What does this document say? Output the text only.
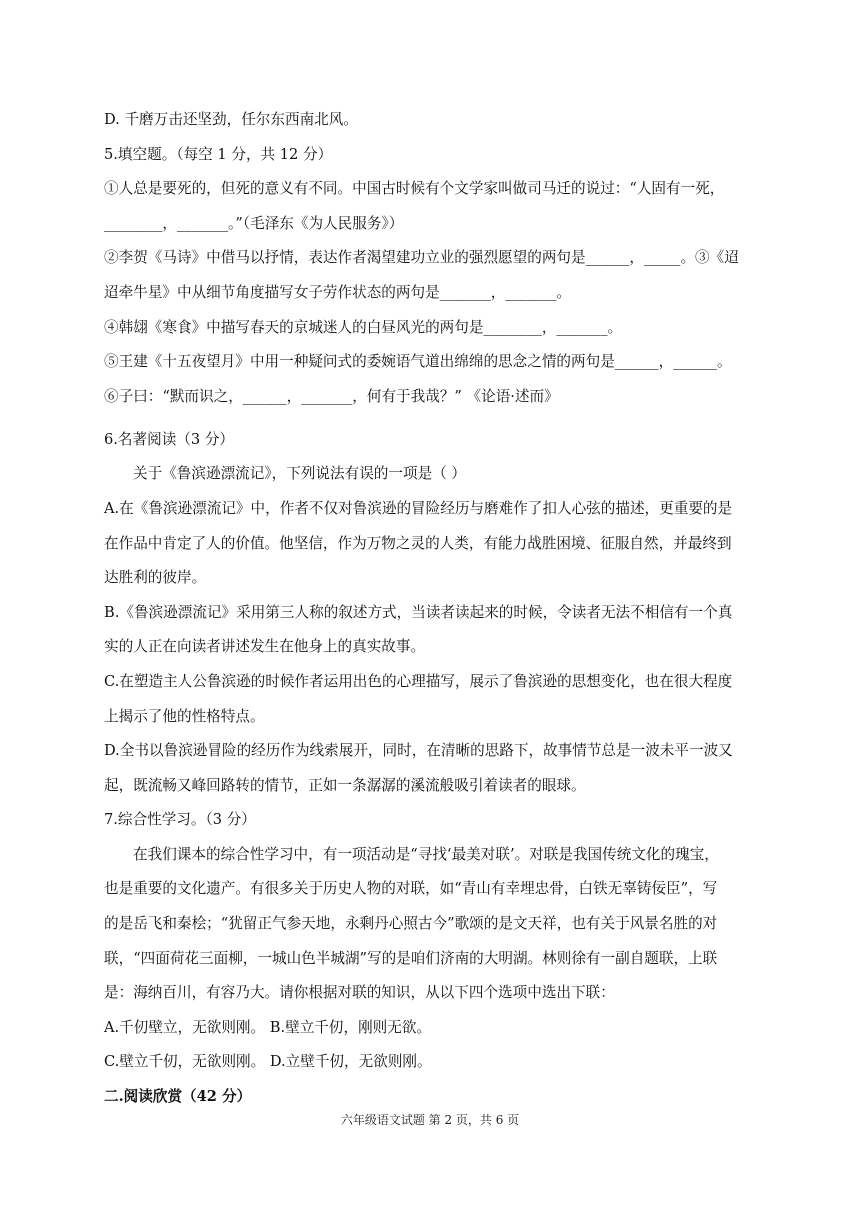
D. 千磨万击还坚劲，任尔东西南北风。

5.填空题。（每空 1 分，共 12 分）

①人总是要死的，但死的意义有不同。中国古时候有个文学家叫做司马迁的说过：“人固有一死，

________，_______。”（毛泽东《为人民服务》）

②李贺《马诗》中借马以抒情，表达作者渴望建功立业的强烈愿望的两句是______，_____。③《迢

迢牵牛星》中从细节角度描写女子劳作状态的两句是_______，_______。

④韩翃《寒食》中描写春天的京城迷人的白昼风光的两句是________，_______。

⑤王建《十五夜望月》中用一种疑问式的委婉语气道出绵绵的思念之情的两句是______，______。

⑥子曰：“默而识之，______，_______，何有于我哉？” 《论语·述而》

6.名著阅读（3 分）

关于《鲁滨逊漂流记》，下列说法有误的一项是（ ）

A.在《鲁滨逊漂流记》中，作者不仅对鲁滨逊的冒险经历与磨难作了扣人心弦的描述，更重要的是

在作品中肯定了人的价值。他坚信，作为万物之灵的人类，有能力战胜困境、征服自然，并最终到

达胜利的彼岸。

B.《鲁滨逊漂流记》采用第三人称的叙述方式，当读者读起来的时候，令读者无法不相信有一个真

实的人正在向读者讲述发生在他身上的真实故事。

C.在塑造主人公鲁滨逊的时候作者运用出色的心理描写，展示了鲁滨逊的思想变化，也在很大程度

上揭示了他的性格特点。

D.全书以鲁滨逊冒险的经历作为线索展开，同时，在清晰的思路下，故事情节总是一波未平一波又

起，既流畅又峰回路转的情节，正如一条潺潺的溪流般吸引着读者的眼球。

7.综合性学习。（3 分）

在我们课本的综合性学习中，有一项活动是“寻找‘最美对联’。对联是我国传统文化的瑰宝，

也是重要的文化遗产。有很多关于历史人物的对联，如“青山有幸埋忠骨，白铁无辜铸佞臣”，写

的是岳飞和秦桧；“犹留正气参天地，永剩丹心照古今”歌颂的是文天祥，也有关于风景名胜的对

联，“四面荷花三面柳，一城山色半城湖”写的是咱们济南的大明湖。林则徐有一副自题联，上联

是：海纳百川，有容乃大。请你根据对联的知识，从以下四个选项中选出下联：

A.千仞壁立，无欲则刚。 B.壁立千仞，刚则无欲。

C.壁立千仞，无欲则刚。 D.立壁千仞，无欲则刚。

二.阅读欣赏（42 分）

六年级语文试题 第 2 页，共 6 页
